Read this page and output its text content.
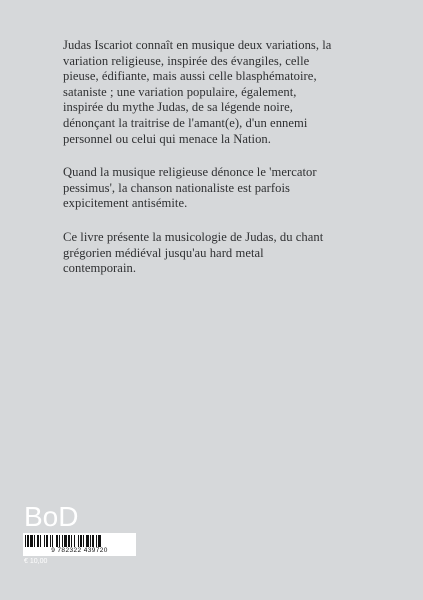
Judas Iscariot connaît en musique deux variations, la
variation religieuse, inspirée des évangiles, celle
pieuse, édifiante, mais aussi celle blasphématoire,
sataniste ; une variation populaire, également,
inspirée du mythe Judas, de sa légende noire,
dénonçant la traitrise de l'amant(e), d'un ennemi
personnel ou celui qui menace la Nation.

Quand la musique religieuse dénonce le 'mercator
pessimus', la chanson nationaliste est parfois
expicitement antisémite.

Ce livre présente la musicologie de Judas, du chant
grégorien médiéval jusqu'au hard metal
contemporain.

BoD
9 782322 439720
€ 10,00
